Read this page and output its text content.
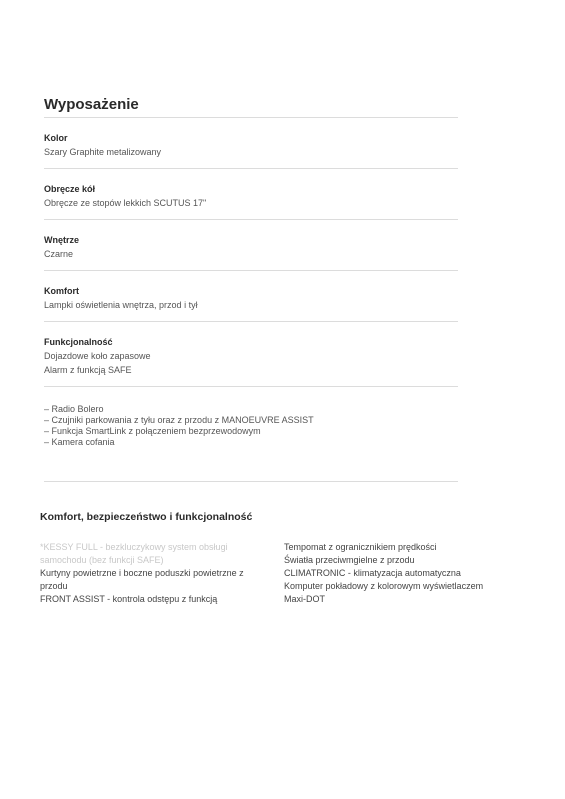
Wyposażenie
Kolor
Szary Graphite metalizowany
Obręcze kół
Obręcze ze stopów lekkich SCUTUS 17"
Wnętrze
Czarne
Komfort
Lampki oświetlenia wnętrza, przod i tył
Funkcjonalność
Dojazdowe koło zapasowe
Alarm z funkcją SAFE
– Radio Bolero
– Czujniki parkowania z tyłu oraz z przodu z MANOEUVRE ASSIST
– Funkcja SmartLink z połączeniem bezprzewodowym
– Kamera cofania
Komfort, bezpieczeństwo i funkcjonalność
*KESSY FULL - bezkluczykowy system obsługi samochodu (bez funkcji SAFE)
Kurtyny powietrzne i boczne poduszki powietrzne z przodu
FRONT ASSIST - kontrola odstępu z funkcją
Tempomat z ogranicznikiem prędkości
Światła przeciwmgielne z przodu
CLIMATRONIC - klimatyzacja automatyczna
Komputer pokładowy z kolorowym wyświetlaczem
Maxi-DOT
